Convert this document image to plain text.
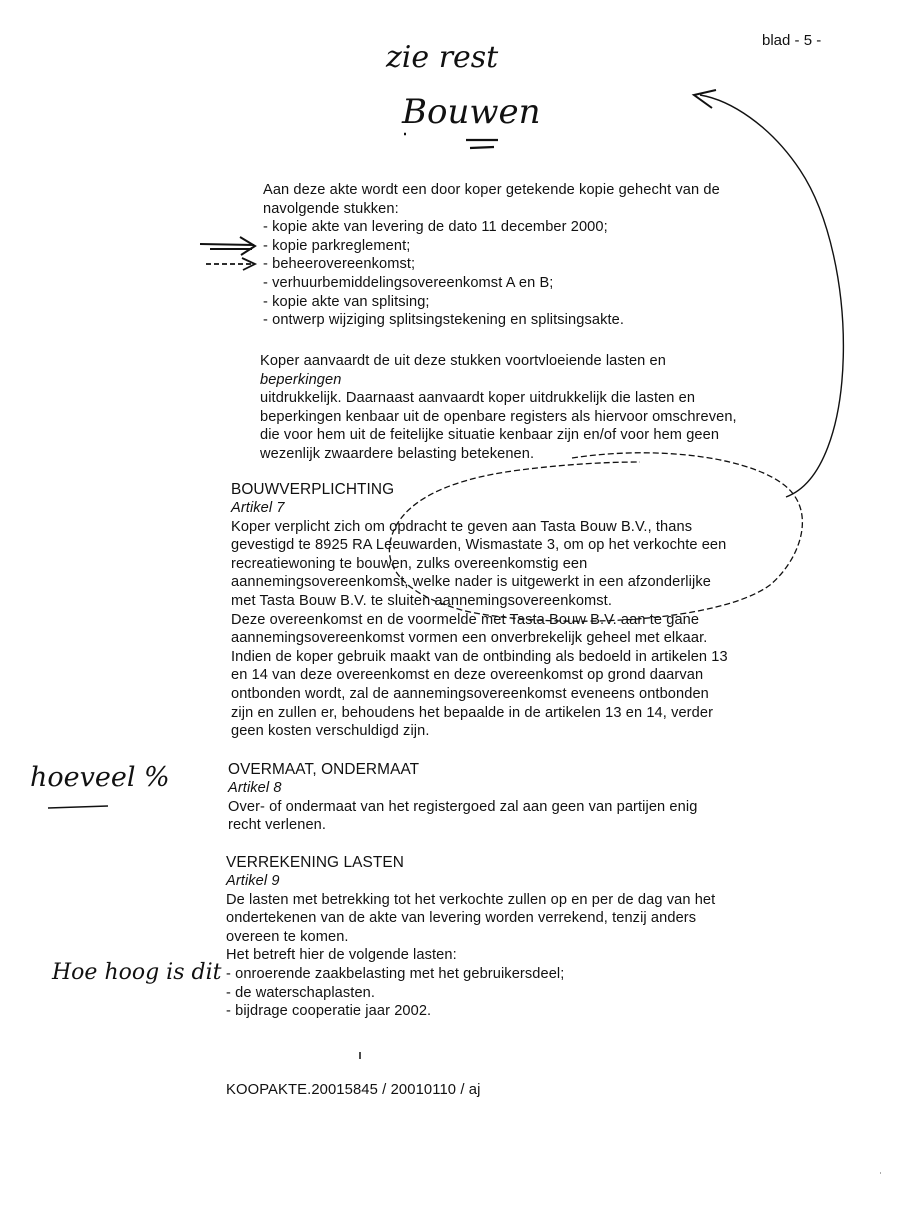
blad - 5 -
zie rest
Bouwen
hoeveel %
Hoe hoog is dit
Aan deze akte wordt een door koper getekende kopie gehecht van de
navolgende stukken:
- kopie akte van levering de dato 11 december 2000;
- kopie parkreglement;
- beheerovereenkomst;
- verhuurbemiddelingsovereenkomst A en B;
- kopie akte van splitsing;
- ontwerp wijziging splitsingstekening en splitsingsakte.
Koper aanvaardt de uit deze stukken voortvloeiende lasten en
beperkingen
uitdrukkelijk. Daarnaast aanvaardt koper uitdrukkelijk die lasten en
beperkingen kenbaar uit de openbare registers als hiervoor omschreven,
die voor hem uit de feitelijke situatie kenbaar zijn en/of voor hem geen
wezenlijk zwaardere belasting betekenen.
BOUWVERPLICHTING
Artikel 7
Koper verplicht zich om opdracht te geven aan Tasta Bouw B.V., thans
gevestigd te 8925 RA Leeuwarden, Wismastate 3, om op het verkochte een
recreatiewoning te bouwen, zulks overeenkomstig een
aannemingsovereenkomst, welke nader is uitgewerkt in een afzonderlijke
met Tasta Bouw B.V. te sluiten aannemingsovereenkomst.
Deze overeenkomst en de voormelde met Tasta Bouw B.V. aan te gane
aannemingsovereenkomst vormen een onverbrekelijk geheel met elkaar.
Indien de koper gebruik maakt van de ontbinding als bedoeld in artikelen 13
en 14 van deze overeenkomst en deze overeenkomst op grond daarvan
ontbonden wordt, zal de aannemingsovereenkomst eveneens ontbonden
zijn en zullen er, behoudens het bepaalde in de artikelen 13 en 14, verder
geen kosten verschuldigd zijn.
OVERMAAT, ONDERMAAT
Artikel 8
Over- of ondermaat van het registergoed zal aan geen van partijen enig
recht verlenen.
VERREKENING LASTEN
Artikel 9
De lasten met betrekking tot het verkochte zullen op en per de dag van het
ondertekenen van de akte van levering worden verrekend, tenzij anders
overeen te komen.
Het betreft hier de volgende lasten:
- onroerende zaakbelasting met het gebruikersdeel;
- de waterschaplasten.
- bijdrage cooperatie jaar 2002.
KOOPAKTE.20015845 / 20010110 / aj
